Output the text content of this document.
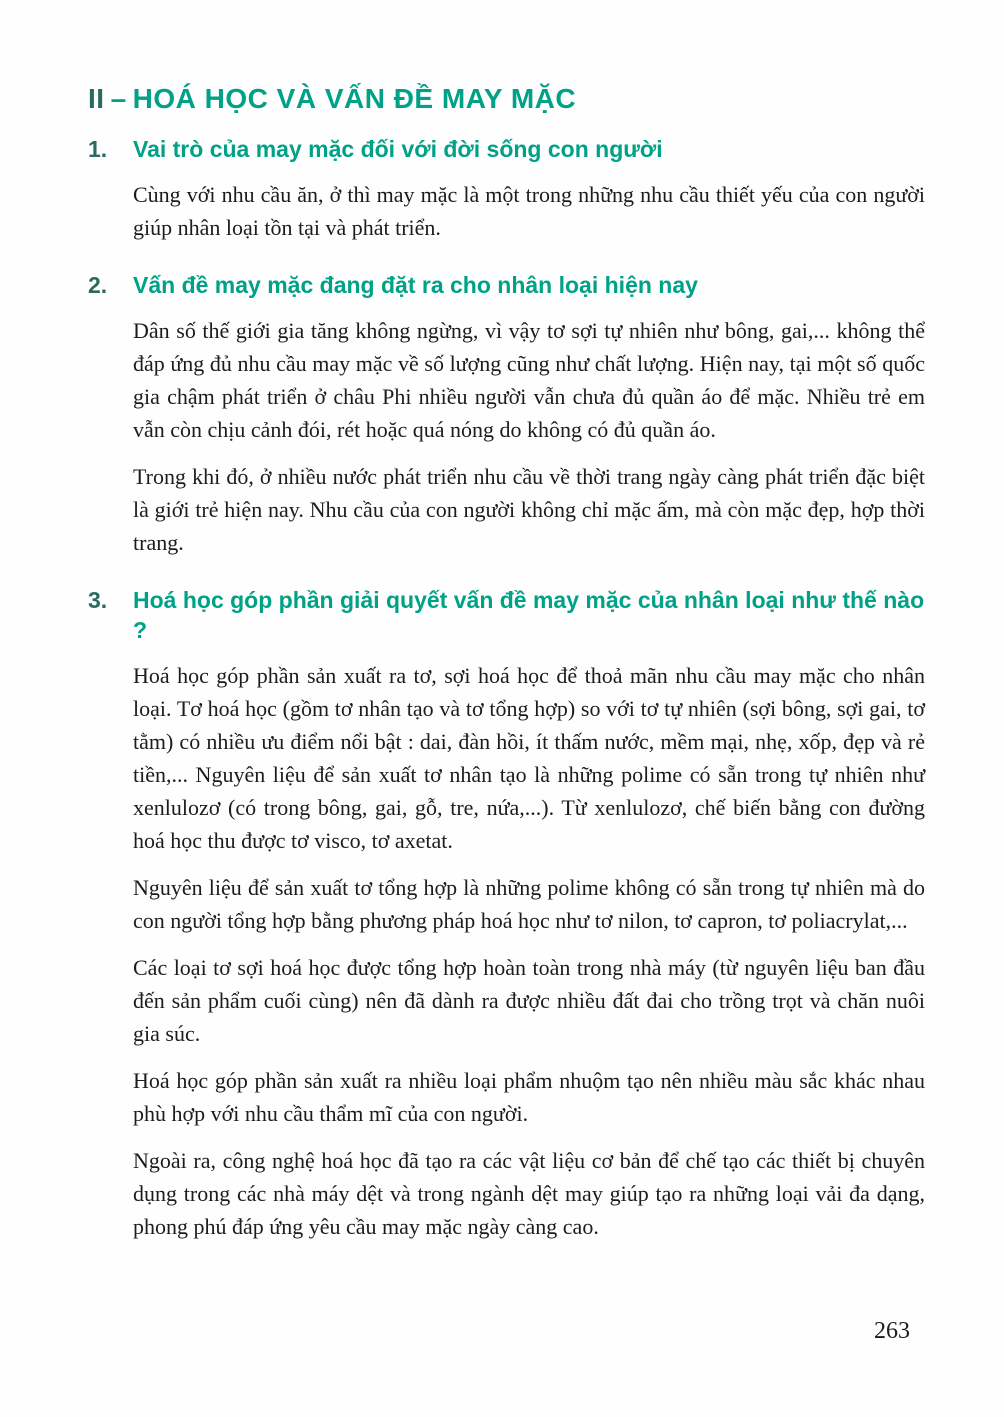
II – HOÁ HỌC VÀ VẤN ĐỀ MAY MẶC
1.	Vai trò của may mặc đối với đời sống con người

Cùng với nhu cầu ăn, ở thì may mặc là một trong những nhu cầu thiết yếu của con người giúp nhân loại tồn tại và phát triển.

2.	Vấn đề may mặc đang đặt ra cho nhân loại hiện nay

Dân số thế giới gia tăng không ngừng, vì vậy tơ sợi tự nhiên như bông, gai,... không thể đáp ứng đủ nhu cầu may mặc về số lượng cũng như chất lượng. Hiện nay, tại một số quốc gia chậm phát triển ở châu Phi nhiều người vẫn chưa đủ quần áo để mặc. Nhiều trẻ em vẫn còn chịu cảnh đói, rét hoặc quá nóng do không có đủ quần áo.

Trong khi đó, ở nhiều nước phát triển nhu cầu về thời trang ngày càng phát triển đặc biệt là giới trẻ hiện nay. Nhu cầu của con người không chỉ mặc ấm, mà còn mặc đẹp, hợp thời trang.

3.	Hoá học góp phần giải quyết vấn đề may mặc của nhân loại như thế nào ?

Hoá học góp phần sản xuất ra tơ, sợi hoá học để thoả mãn nhu cầu may mặc cho nhân loại. Tơ hoá học (gồm tơ nhân tạo và tơ tổng hợp) so với tơ tự nhiên (sợi bông, sợi gai, tơ tằm) có nhiều ưu điểm nổi bật : dai, đàn hồi, ít thấm nước, mềm mại, nhẹ, xốp, đẹp và rẻ tiền,... Nguyên liệu để sản xuất tơ nhân tạo là những polime có sẵn trong tự nhiên như xenlulozơ (có trong bông, gai, gỗ, tre, nứa,...). Từ xenlulozơ, chế biến bằng con đường hoá học thu được tơ visco, tơ axetat.

Nguyên liệu để sản xuất tơ tổng hợp là những polime không có sẵn trong tự nhiên mà do con người tổng hợp bằng phương pháp hoá học như tơ nilon, tơ capron, tơ poliacrylat,...

Các loại tơ sợi hoá học được tổng hợp hoàn toàn trong nhà máy (từ nguyên liệu ban đầu đến sản phẩm cuối cùng) nên đã dành ra được nhiều đất đai cho trồng trọt và chăn nuôi gia súc.

Hoá học góp phần sản xuất ra nhiều loại phẩm nhuộm tạo nên nhiều màu sắc khác nhau phù hợp với nhu cầu thẩm mĩ của con người.

Ngoài ra, công nghệ hoá học đã tạo ra các vật liệu cơ bản để chế tạo các thiết bị chuyên dụng trong các nhà máy dệt và trong ngành dệt may giúp tạo ra những loại vải đa dạng, phong phú đáp ứng yêu cầu may mặc ngày càng cao.

263
